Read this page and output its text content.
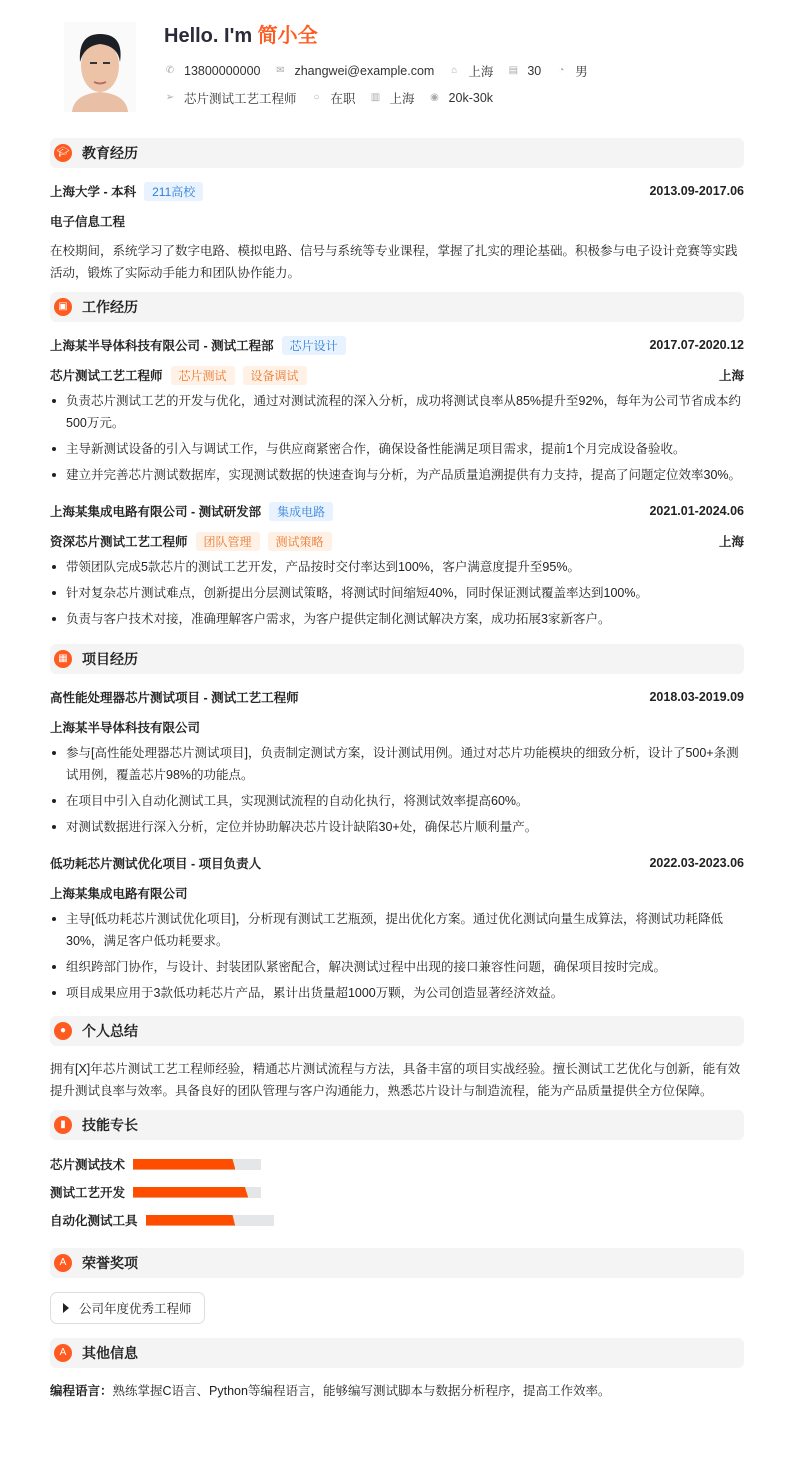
Hello. I'm 简小全
✆ 13800000000 ✉ zhangwei@example.com ⌂ 上海 ▤ 30 ◔ 男
➢ 芯片测试工艺工程师 ○ 在职 ▥ 上海 ◉ 20k-30k
🎓︎ 教育经历
上海大学 - 本科	211高校	2013.09-2017.06
电子信息工程

在校期间，系统学习了数字电路、模拟电路、信号与系统等专业课程，掌握了扎实的理论基础。积极参与电子设计竞赛等实践活动，锻炼了实际动手能力和团队协作能力。

▣	工作经历
上海某半导体科技有限公司 - 测试工程部	芯片设计	2017.07-2020.12
芯片测试工艺工程师	芯片测试	设备调试	上海
负责芯片测试工艺的开发与优化，通过对测试流程的深入分析，成功将测试良率从85%提升至92%，每年为公司节省成本约500万元。
主导新测试设备的引入与调试工作，与供应商紧密合作，确保设备性能满足项目需求，提前1个月完成设备验收。
建立并完善芯片测试数据库，实现测试数据的快速查询与分析，为产品质量追溯提供有力支持，提高了问题定位效率30%。
上海某集成电路有限公司 - 测试研发部	集成电路	2021.01-2024.06
资深芯片测试工艺工程师	团队管理	测试策略	上海
带领团队完成5款芯片的测试工艺开发，产品按时交付率达到100%，客户满意度提升至95%。
针对复杂芯片测试难点，创新提出分层测试策略，将测试时间缩短40%，同时保证测试覆盖率达到100%。
负责与客户技术对接，准确理解客户需求，为客户提供定制化测试解决方案，成功拓展3家新客户。
▦	项目经历
高性能处理器芯片测试项目 - 测试工艺工程师	2018.03-2019.09
上海某半导体科技有限公司
参与[高性能处理器芯片测试项目]，负责制定测试方案，设计测试用例。通过对芯片功能模块的细致分析，设计了500+条测试用例，覆盖芯片98%的功能点。
在项目中引入自动化测试工具，实现测试流程的自动化执行，将测试效率提高60%。
对测试数据进行深入分析，定位并协助解决芯片设计缺陷30+处，确保芯片顺利量产。
低功耗芯片测试优化项目 - 项目负责人	2022.03-2023.06
上海某集成电路有限公司
主导[低功耗芯片测试优化项目]，分析现有测试工艺瓶颈，提出优化方案。通过优化测试向量生成算法，将测试功耗降低30%，满足客户低功耗要求。
组织跨部门协作，与设计、封装团队紧密配合，解决测试过程中出现的接口兼容性问题，确保项目按时完成。
项目成果应用于3款低功耗芯片产品，累计出货量超1000万颗，为公司创造显著经济效益。
●	个人总结

拥有[X]年芯片测试工艺工程师经验，精通芯片测试流程与方法，具备丰富的项目实战经验。擅长测试工艺优化与创新，能有效提升测试良率与效率。具备良好的团队管理与客户沟通能力，熟悉芯片设计与制造流程，能为产品质量提供全方位保障。

▮	技能专长
芯片测试技术
测试工艺开发
自动化测试工具
A	荣誉奖项
公司年度优秀工程师
A	其他信息

编程语言：熟练掌握C语言、Python等编程语言，能够编写测试脚本与数据分析程序，提高工作效率。
